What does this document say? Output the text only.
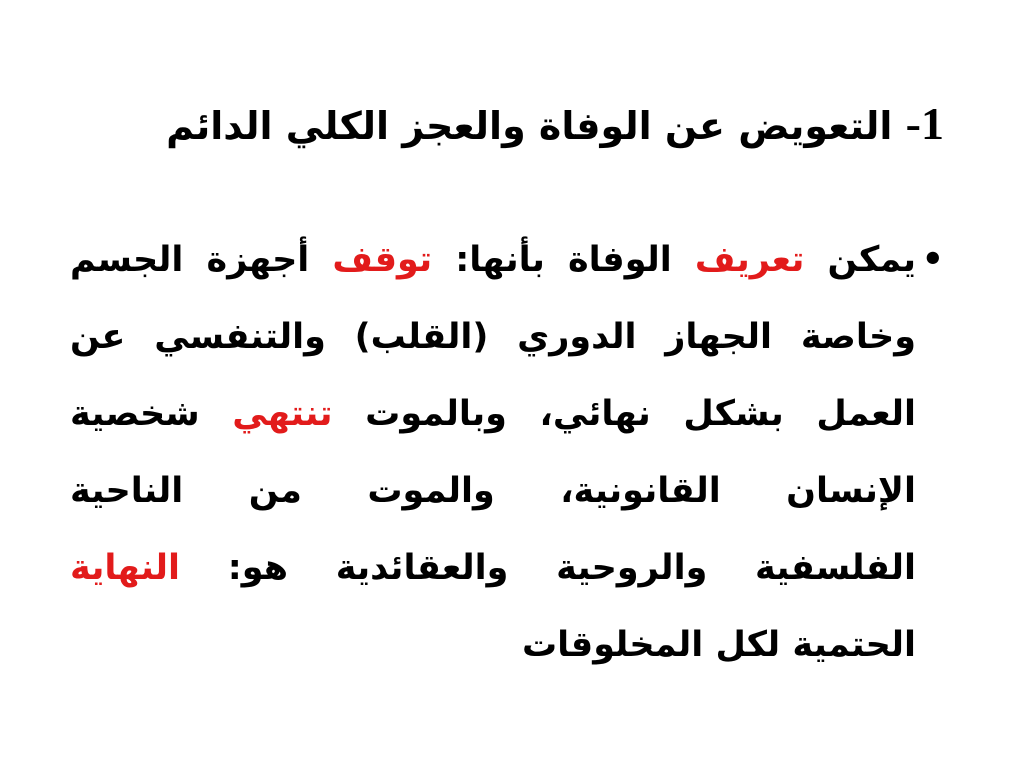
1- التعويض عن الوفاة والعجز الكلي الدائم
•يمكن تعريف الوفاة بأنها: توقف أجهزة الجسم
وخاصة الجهاز الدوري (القلب) والتنفسي عن
العمل بشكل نهائي، وبالموت تنتهي شخصية
الإنسان القانونية، والموت من الناحية
الفلسفية والروحية والعقائدية هو: النهاية
الحتمية لكل المخلوقات
